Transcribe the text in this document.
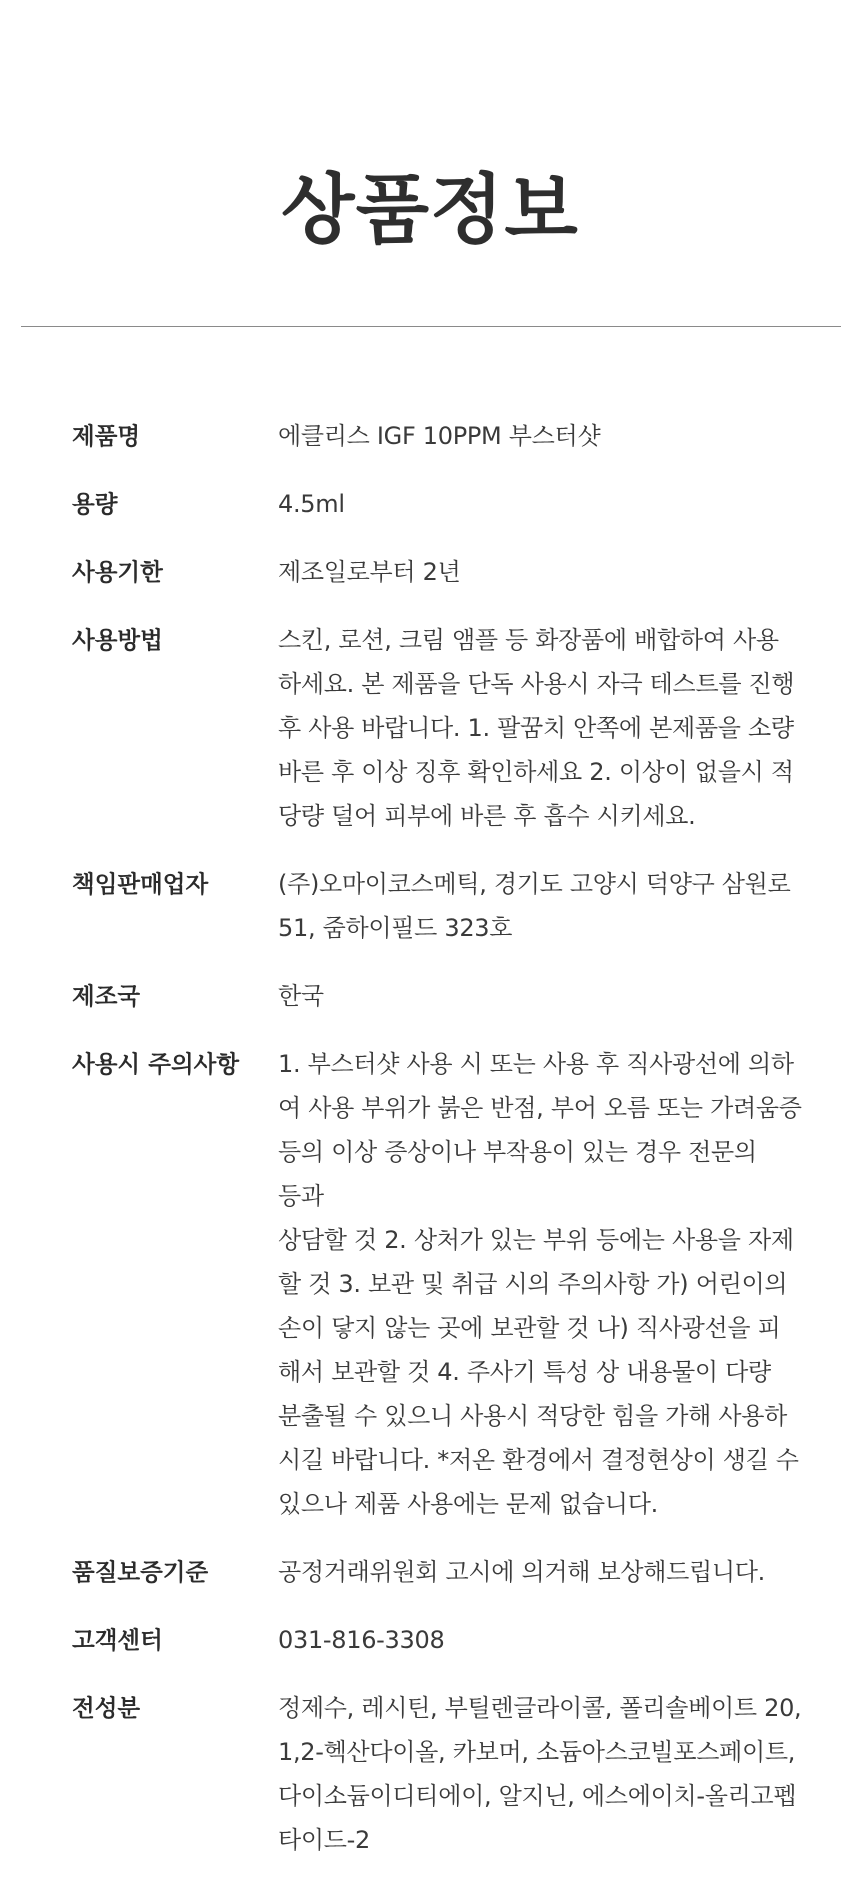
상품정보
제품명	에클리스 IGF 10PPM 부스터샷
용량	4.5ml
사용기한	제조일로부터 2년
사용방법	스킨, 로션, 크림 앰플 등 화장품에 배합하여 사용
하세요. 본 제품을 단독 사용시 자극 테스트를 진행
후 사용 바랍니다. 1. 팔꿈치 안쪽에 본제품을 소량
바른 후 이상 징후 확인하세요 2. 이상이 없을시 적
당량 덜어 피부에 바른 후 흡수 시키세요.
책임판매업자	(주)오마이코스메틱, 경기도 고양시 덕양구 삼원로
51, 줌하이필드 323호
제조국	한국
사용시 주의사항	1. 부스터샷 사용 시 또는 사용 후 직사광선에 의하
여 사용 부위가 붉은 반점, 부어 오름 또는 가려움증
등의 이상 증상이나 부작용이 있는 경우 전문의 등과
상담할 것 2. 상처가 있는 부위 등에는 사용을 자제
할 것 3. 보관 및 취급 시의 주의사항 가) 어린이의
손이 닿지 않는 곳에 보관할 것 나) 직사광선을 피
해서 보관할 것 4. 주사기 특성 상 내용물이 다량
분출될 수 있으니 사용시 적당한 힘을 가해 사용하
시길 바랍니다. *저온 환경에서 결정현상이 생길 수
있으나 제품 사용에는 문제 없습니다.
품질보증기준	공정거래위원회 고시에 의거해 보상해드립니다.
고객센터	031-816-3308
전성분	정제수, 레시틴, 부틸렌글라이콜, 폴리솔베이트 20,
1,2-헥산다이올, 카보머, 소듐아스코빌포스페이트,
다이소듐이디티에이, 알지닌, 에스에이치-올리고펩
타이드-2
